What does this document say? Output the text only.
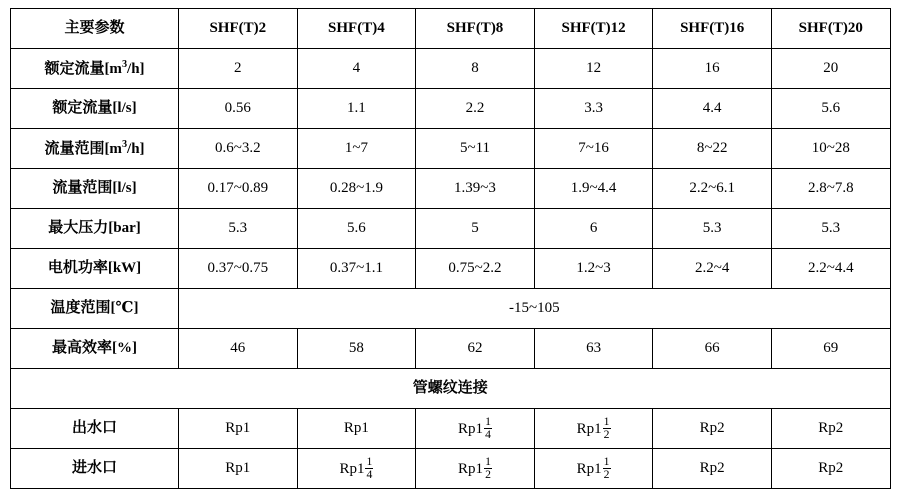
主要参数	SHF(T)2	SHF(T)4	SHF(T)8	SHF(T)12	SHF(T)16	SHF(T)20
额定流量$[m^3/h]$	2	4	8	12	16	20
额定流量[l/s]	0.56	1.1	2.2	3.3	4.4	5.6
流量范围$[m^3/h]$	0.6~3.2	1~7	5~11	7~16	8~22	10~28
流量范围[l/s]	0.17~0.89	0.28~1.9	1.39~3	1.9~4.4	2.2~6.1	2.8~7.8
最大压力[bar]	5.3	5.6	5	6	5.3	5.3
电机功率[kW]	0.37~0.75	0.37~1.1	0.75~2.2	1.2~3	2.2~4	2.2~4.4
温度范围[℃]	-15~105					
最高效率[%]	46	58	62	63	66	69
管螺纹连接						
出水口	Rp1	Rp1	$Rp1 \frac{1}{4}$	$Rp1 \frac{1}{2}$	Rp2	Rp2
进水口	Rp1	$Rp1 \frac{1}{4}$	$Rp1 \frac{1}{2}$	$Rp1 \frac{1}{2}$	Rp2	Rp2
